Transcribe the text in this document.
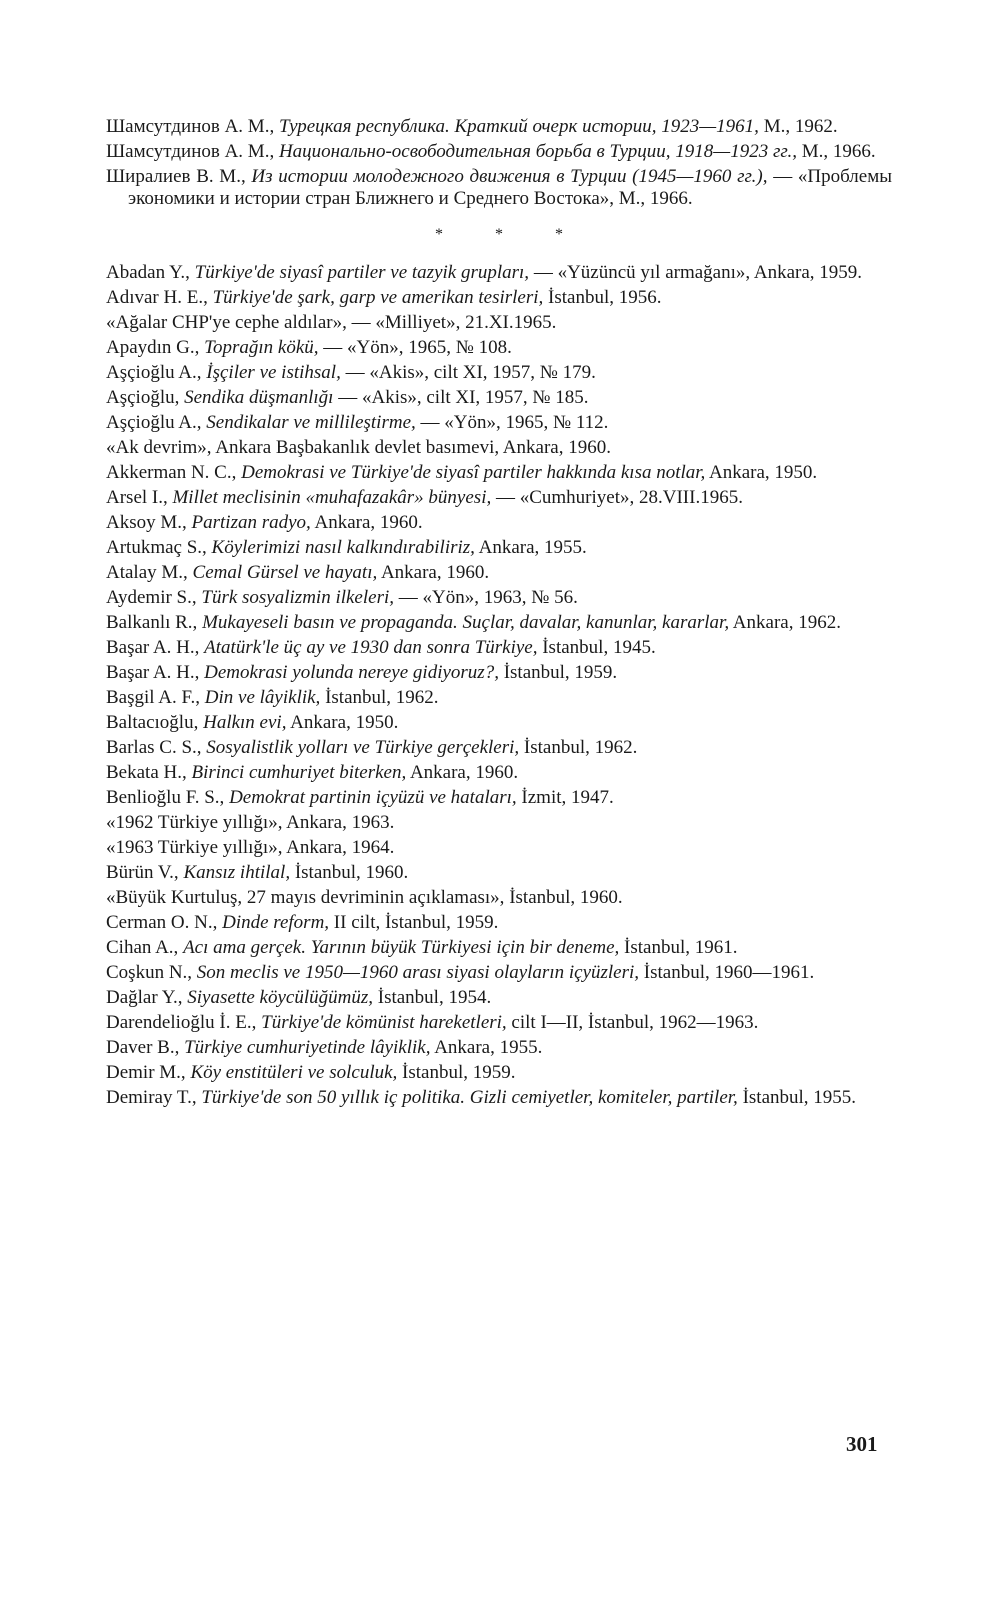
Шамсутдинов А. М., Турецкая республика. Краткий очерк истории, 1923—1961, М., 1962.

Шамсутдинов А. М., Национально-освободительная борьба в Турции, 1918—1923 гг., М., 1966.

Ширалиев В. М., Из истории молодежного движения в Турции (1945—1960 гг.), — «Проблемы экономики и истории стран Ближнего и Среднего Востока», М., 1966.

* * *

Abadan Y., Türkiye'de siyasî partiler ve tazyik grupları, — «Yüzüncü yıl armağanı», Ankara, 1959.

Adıvar H. E., Türkiye'de şark, garp ve amerikan tesirleri, İstanbul, 1956.

«Ağalar CHP'ye cephe aldılar», — «Milliyet», 21.XI.1965.

Apaydın G., Toprağın kökü, — «Yön», 1965, № 108.

Aşçioğlu A., İşçiler ve istihsal, — «Akis», cilt XI, 1957, № 179.

Aşçioğlu, Sendika düşmanlığı — «Akis», cilt XI, 1957, № 185.

Aşçioğlu A., Sendikalar ve millileştirme, — «Yön», 1965, № 112.

«Ak devrim», Ankara Başbakanlık devlet basımevi, Ankara, 1960.

Akkerman N. C., Demokrasi ve Türkiye'de siyasî partiler hakkında kısa notlar, Ankara, 1950.

Arsel I., Millet meclisinin «muhafazakâr» bünyesi, — «Cumhuriyet», 28.VIII.1965.

Aksoy M., Partizan radyo, Ankara, 1960.

Artukmaç S., Köylerimizi nasıl kalkındırabiliriz, Ankara, 1955.

Atalay M., Cemal Gürsel ve hayatı, Ankara, 1960.

Aydemir S., Türk sosyalizmin ilkeleri, — «Yön», 1963, № 56.

Balkanlı R., Mukayeseli basın ve propaganda. Suçlar, davalar, kanunlar, kararlar, Ankara, 1962.

Başar A. H., Atatürk'le üç ay ve 1930 dan sonra Türkiye, İstanbul, 1945.

Başar A. H., Demokrasi yolunda nereye gidiyoruz?, İstanbul, 1959.

Başgil A. F., Din ve lâyiklik, İstanbul, 1962.

Baltacıoğlu, Halkın evi, Ankara, 1950.

Barlas C. S., Sosyalistlik yolları ve Türkiye gerçekleri, İstanbul, 1962.

Bekata H., Birinci cumhuriyet biterken, Ankara, 1960.

Benlioğlu F. S., Demokrat partinin içyüzü ve hataları, İzmit, 1947.

«1962 Türkiye yıllığı», Ankara, 1963.

«1963 Türkiye yıllığı», Ankara, 1964.

Bürün V., Kansız ihtilal, İstanbul, 1960.

«Büyük Kurtuluş, 27 mayıs devriminin açıklaması», İstanbul, 1960.

Cerman O. N., Dinde reform, II cilt, İstanbul, 1959.

Cihan A., Acı ama gerçek. Yarının büyük Türkiyesi için bir deneme, İstanbul, 1961.

Coşkun N., Son meclis ve 1950—1960 arası siyasi olayların içyüzleri, İstanbul, 1960—1961.

Dağlar Y., Siyasette köycülüğümüz, İstanbul, 1954.

Darendelioğlu İ. E., Türkiye'de kömünist hareketleri, cilt I—II, İstanbul, 1962—1963.

Daver B., Türkiye cumhuriyetinde lâyiklik, Ankara, 1955.

Demir M., Köy enstitüleri ve solculuk, İstanbul, 1959.

Demiray T., Türkiye'de son 50 yıllık iç politika. Gizli cemiyetler, komiteler, partiler, İstanbul, 1955.

301
